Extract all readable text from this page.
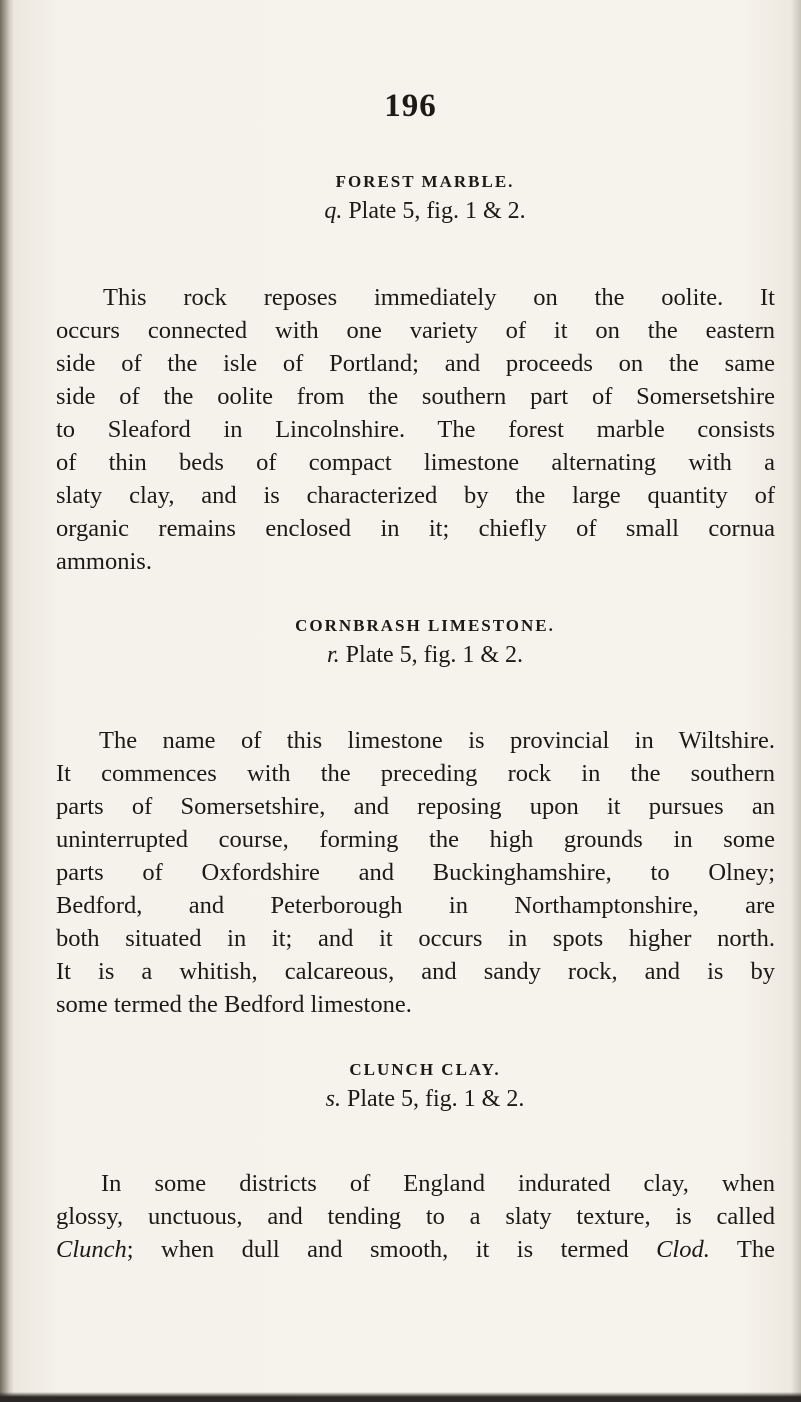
196
FOREST MARBLE.
q. Plate 5, fig. 1 & 2.
This rock reposes immediately on the oolite. It
occurs connected with one variety of it on the eastern
side of the isle of Portland; and proceeds on the same
side of the oolite from the southern part of Somersetshire
to Sleaford in Lincolnshire. The forest marble consists
of thin beds of compact limestone alternating with a
slaty clay, and is characterized by the large quantity of
organic remains enclosed in it; chiefly of small cornua
ammonis.
CORNBRASH LIMESTONE.
r. Plate 5, fig. 1 & 2.
The name of this limestone is provincial in Wiltshire.
It commences with the preceding rock in the southern
parts of Somersetshire, and reposing upon it pursues an
uninterrupted course, forming the high grounds in some
parts of Oxfordshire and Buckinghamshire, to Olney;
Bedford, and Peterborough in Northamptonshire, are
both situated in it; and it occurs in spots higher north.
It is a whitish, calcareous, and sandy rock, and is by
some termed the Bedford limestone.
CLUNCH CLAY.
s. Plate 5, fig. 1 & 2.
In some districts of England indurated clay, when
glossy, unctuous, and tending to a slaty texture, is called
Clunch; when dull and smooth, it is termed Clod. The
